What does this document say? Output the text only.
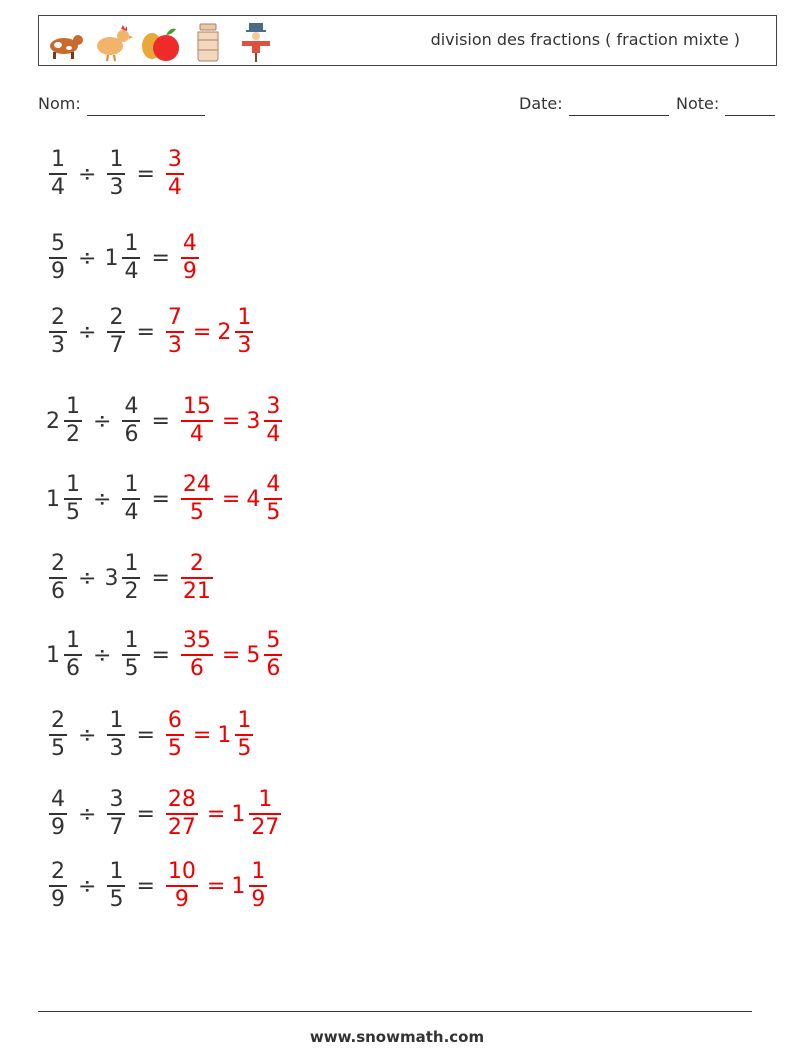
division des fractions ( fraction mixte )
Nom:	Date:	Note:
$\frac{1}{4} \div \frac{1}{3} = \frac{3}{4}$
$\frac{5}{9} \div 1 \frac{1}{4} = \frac{4}{9}$
$\frac{2}{3} \div \frac{2}{7} = \frac{7}{3} = 2 \frac{1}{3}$
$2 \frac{1}{2} \div \frac{4}{6} = \frac{15}{4} = 3 \frac{3}{4}$
$1 \frac{1}{5} \div \frac{1}{4} = \frac{24}{5} = 4 \frac{4}{5}$
$\frac{2}{6} \div 3 \frac{1}{2} = \frac{2}{21}$
$1 \frac{1}{6} \div \frac{1}{5} = \frac{35}{6} = 5 \frac{5}{6}$
$\frac{2}{5} \div \frac{1}{3} = \frac{6}{5} = 1 \frac{1}{5}$
$\frac{4}{9} \div \frac{3}{7} = \frac{28}{27} = 1 \frac{1}{27}$
$\frac{2}{9} \div \frac{1}{5} = \frac{10}{9} = 1 \frac{1}{9}$
www.snowmath.com
